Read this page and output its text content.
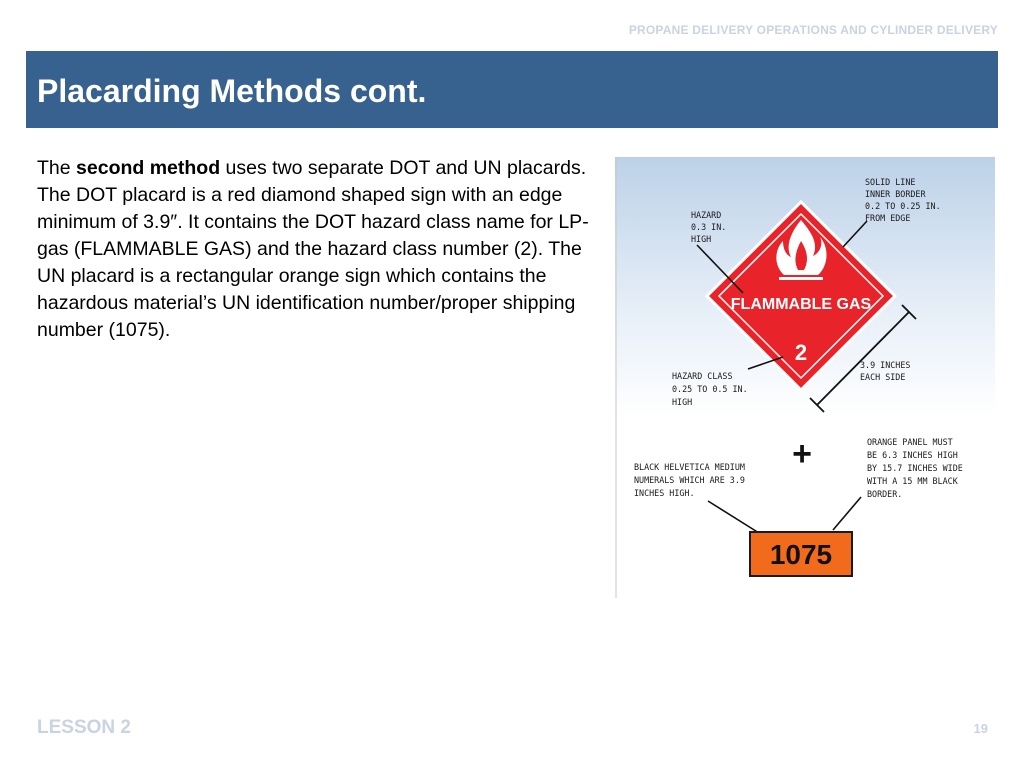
PROPANE DELIVERY OPERATIONS AND CYLINDER DELIVERY
Placarding Methods cont.
The second method uses two separate DOT and UN placards. The DOT placard is a red diamond shaped sign with an edge minimum of 3.9″. It contains the DOT hazard class name for LP-gas (FLAMMABLE GAS) and the hazard class number (2). The UN placard is a rectangular orange sign which contains the hazardous material’s UN identification number/proper shipping number (1075).
FLAMMABLE GAS
2
SOLID LINE INNER BORDER 0.2 TO 0.25 IN. FROM EDGE
HAZARD 0.3 IN. HIGH
HAZARD CLASS 0.25 TO 0.5 IN. HIGH
3.9 INCHES EACH SIDE
+	ORANGE PANEL MUST BE 6.3 INCHES HIGH BY 15.7 INCHES WIDE WITH A 15 MM BLACK BORDER.
BLACK HELVETICA MEDIUM NUMERALS WHICH ARE 3.9 INCHES HIGH.
1075
LESSON 2	19
